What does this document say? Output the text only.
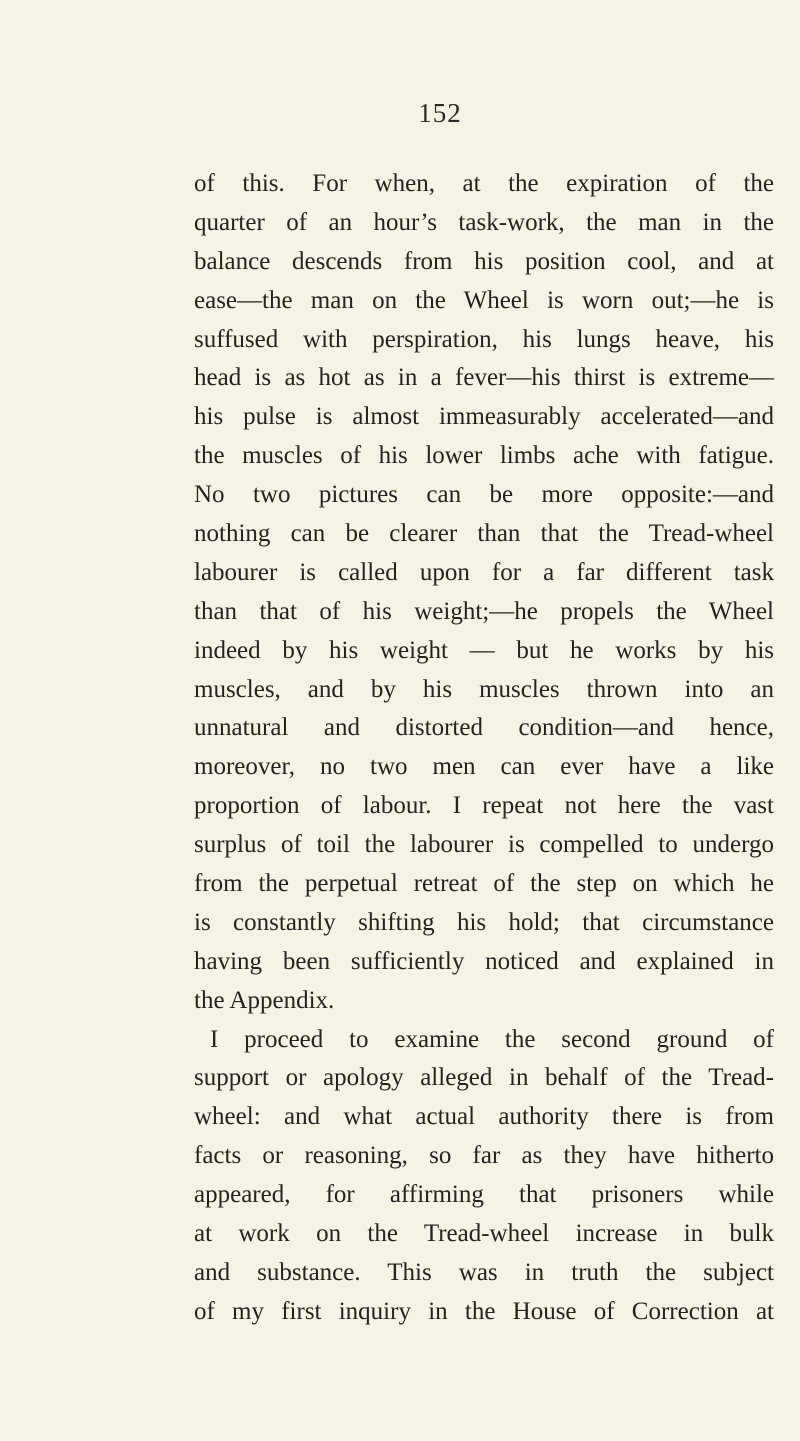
152
of this. For when, at the expiration of the
quarter of an hour’s task-work, the man in the
balance descends from his position cool, and at
ease—the man on the Wheel is worn out;—he is
suffused with perspiration, his lungs heave, his
head is as hot as in a fever—his thirst is extreme—
his pulse is almost immeasurably accelerated—and
the muscles of his lower limbs ache with fatigue.
No two pictures can be more opposite:—and
nothing can be clearer than that the Tread-wheel
labourer is called upon for a far different task
than that of his weight;—he propels the Wheel
indeed by his weight — but he works by his
muscles, and by his muscles thrown into an
unnatural and distorted condition—and hence,
moreover, no two men can ever have a like
proportion of labour. I repeat not here the vast
surplus of toil the labourer is compelled to undergo
from the perpetual retreat of the step on which he
is constantly shifting his hold; that circumstance
having been sufficiently noticed and explained in
the Appendix.
I proceed to examine the second ground of
support or apology alleged in behalf of the Tread-
wheel: and what actual authority there is from
facts or reasoning, so far as they have hitherto
appeared, for affirming that prisoners while
at work on the Tread-wheel increase in bulk
and substance. This was in truth the subject
of my first inquiry in the House of Correction at
